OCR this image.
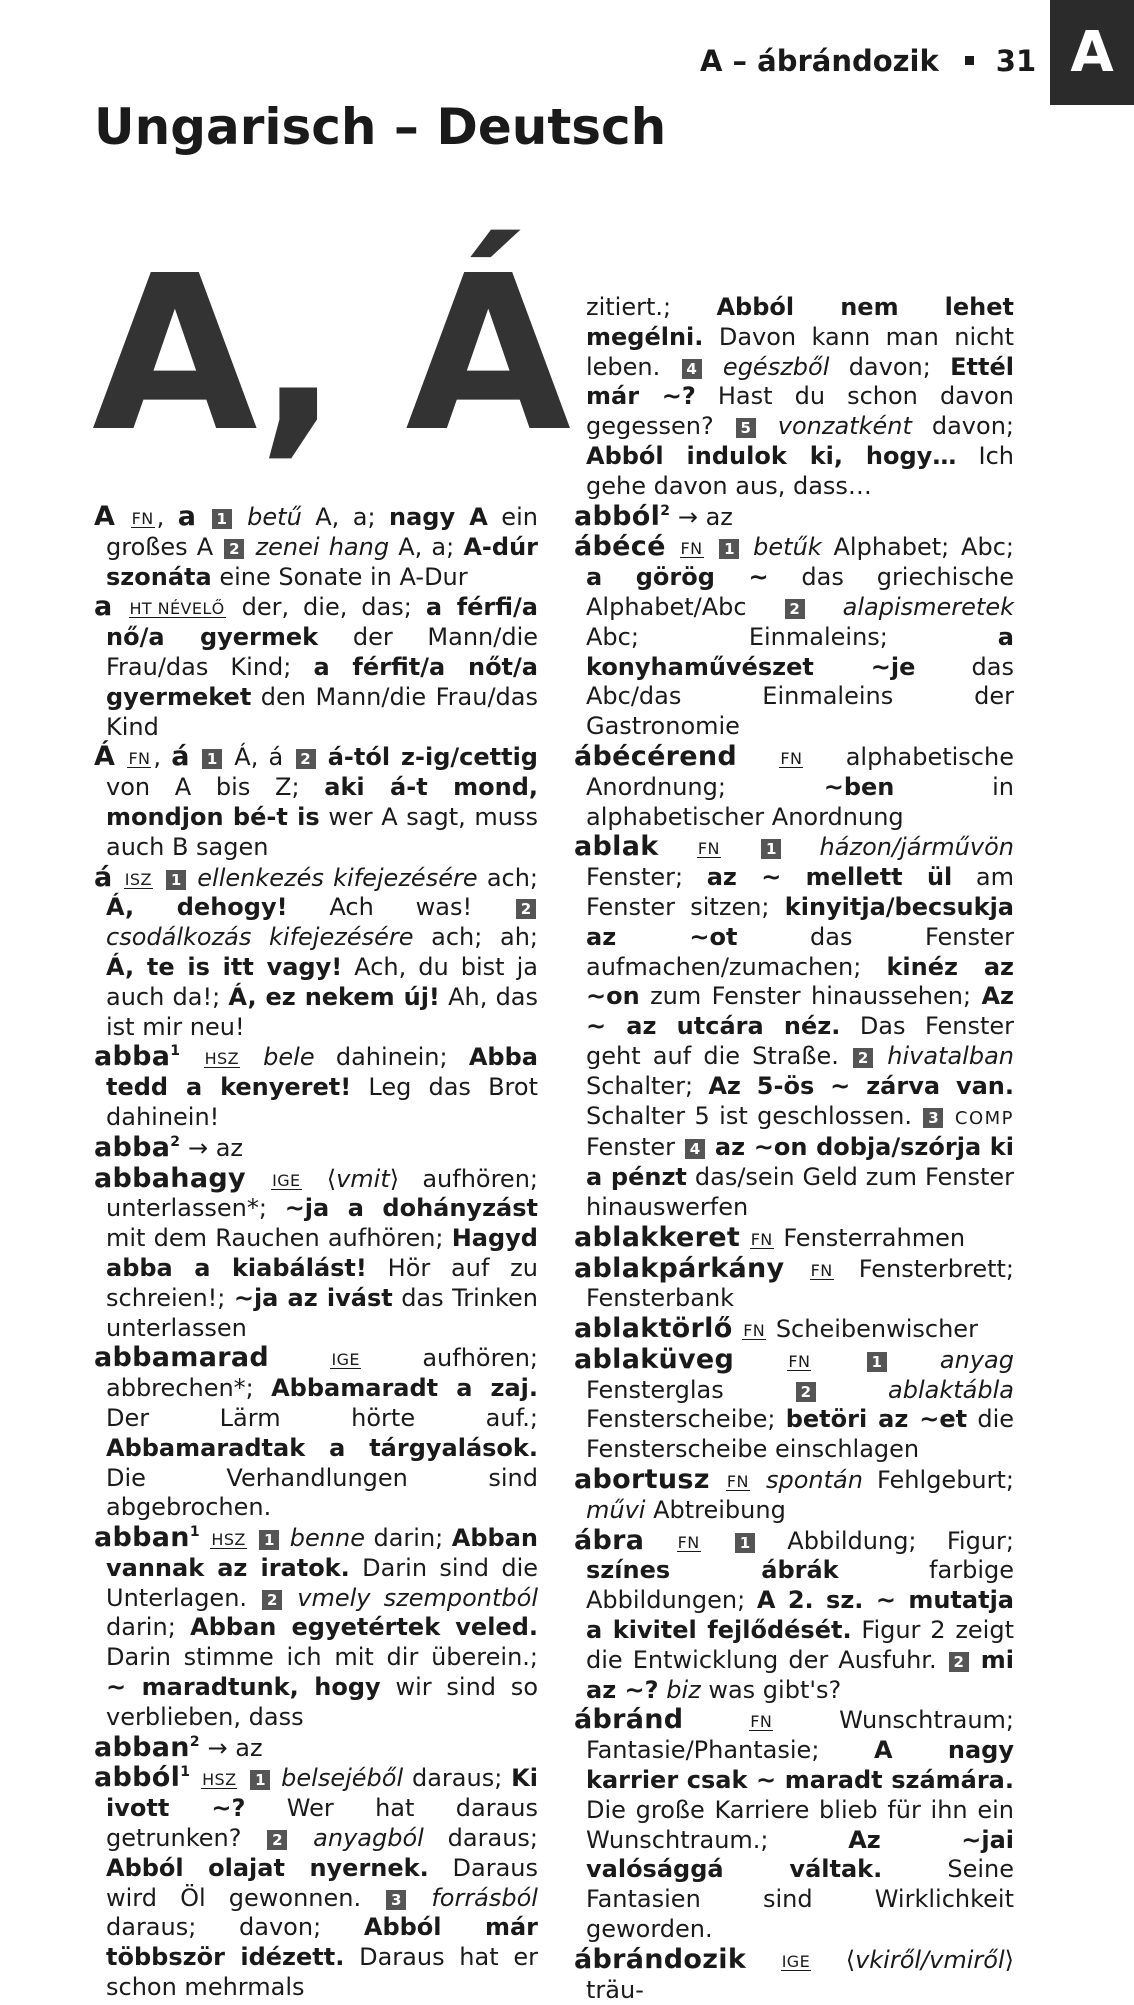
A – ábrándozik 31 A
Ungarisch – Deutsch
A, Á

A FN , a 1 betű A, a; nagy A ein großes A 2 zenei hang A, a; A-dúr szonáta eine Sonate in A-Dur

a HT NÉVELŐ der, die, das; a férfi/a nő/a gyermek der Mann/die Frau/das Kind; a férfit/a nőt/a gyermeket den Mann/die Frau/das Kind

Á FN , á 1 Á, á 2 á-tól z-ig/cettig von A bis Z; aki á-t mond, mondjon bé-t is wer A sagt, muss auch B sagen

á ISZ 1 ellenkezés kifejezésére ach; Á, dehogy! Ach was! 2 csodálkozás kifejezésére ach; ah; Á, te is itt vagy! Ach, du bist ja auch da!; Á, ez nekem új! Ah, das ist mir neu!

abba$^1$ HSZ bele dahinein; Abba tedd a kenyeret! Leg das Brot dahinein!

abba$^2$ → az

abbahagy IGE ⟨vmit⟩ aufhören; unterlassen*; ~ja a dohányzást mit dem Rauchen aufhören; Hagyd abba a kiabálást! Hör auf zu schreien!; ~ja az ivást das Trinken unterlassen

abbamarad	IGE aufhören; abbrechen*; Abbamaradt a zaj. Der Lärm hörte auf.; Abbamaradtak a tárgyalások. Die Verhandlungen sind abgebrochen.

abban$^1$ HSZ 1 benne darin; Abban vannak az iratok. Darin sind die Unterlagen. 2 vmely szempontból darin; Abban egyetértek veled. Darin stimme ich mit dir überein.; ~ maradtunk, hogy wir sind so verblieben, dass

abban$^2$ → az

abból$^1$ HSZ 1 belsejéből daraus; Ki ivott ~? Wer hat daraus getrunken? 2 anyagból daraus; Abból olajat nyernek. Daraus wird Öl gewonnen. 3 forrásból daraus; davon; Abból már többször idézett. Daraus hat er schon mehrmals

zitiert.; Abból nem lehet megélni. Davon kann man nicht leben. 4 egészből davon; Ettél már ~? Hast du schon davon gegessen? 5 vonzatként davon; Abból indulok ki, hogy… Ich gehe davon aus, dass…

abból$^2$ → az

ábécé FN 1 betűk Alphabet; Abc; a görög ~ das griechische Alphabet/Abc 2 alapismeretek Abc; Einmaleins; a konyhaművészet ~je das Abc/das Einmaleins der Gastronomie

ábécérend	FN alphabetische Anordnung; ~ben in alphabetischer Anordnung

ablak FN	1 házon/járművön Fenster; az ~ mellett ül am Fenster sitzen; kinyitja/becsukja az ~ot das Fenster aufmachen/zumachen; kinéz az ~on zum Fenster hinaussehen; Az ~ az utcára néz. Das Fenster geht auf die Straße. 2 hivatalban Schalter; Az 5-ös ~ zárva van. Schalter 5 ist geschlossen. 3 COMP Fenster 4 az ~on dobja/szórja ki a pénzt das/sein Geld zum Fenster hinauswerfen

ablakkeret FN Fensterrahmen

ablakpárkány FN Fensterbrett; Fensterbank

ablaktörlő FN Scheibenwischer

ablaküveg	FN	1 anyag Fensterglas 2	ablaktábla Fensterscheibe; betöri az ~et die Fensterscheibe einschlagen

abortusz FN spontán Fehlgeburt; művi Abtreibung

ábra FN	1 Abbildung; Figur; színes ábrák farbige Abbildungen; A 2. sz. ~ mutatja a kivitel fejlődését. Figur 2 zeigt die Entwicklung der Ausfuhr. 2 mi az ~? biz was gibt's?

ábránd	FN Wunschtraum; Fantasie/Phantasie; A nagy karrier csak ~ maradt számára. Die große Karriere blieb für ihn ein Wunschtraum.; Az ~jai valósággá váltak. Seine Fantasien sind Wirklichkeit geworden.

ábrándozik IGE ⟨vkiről/vmiről⟩ träu-
